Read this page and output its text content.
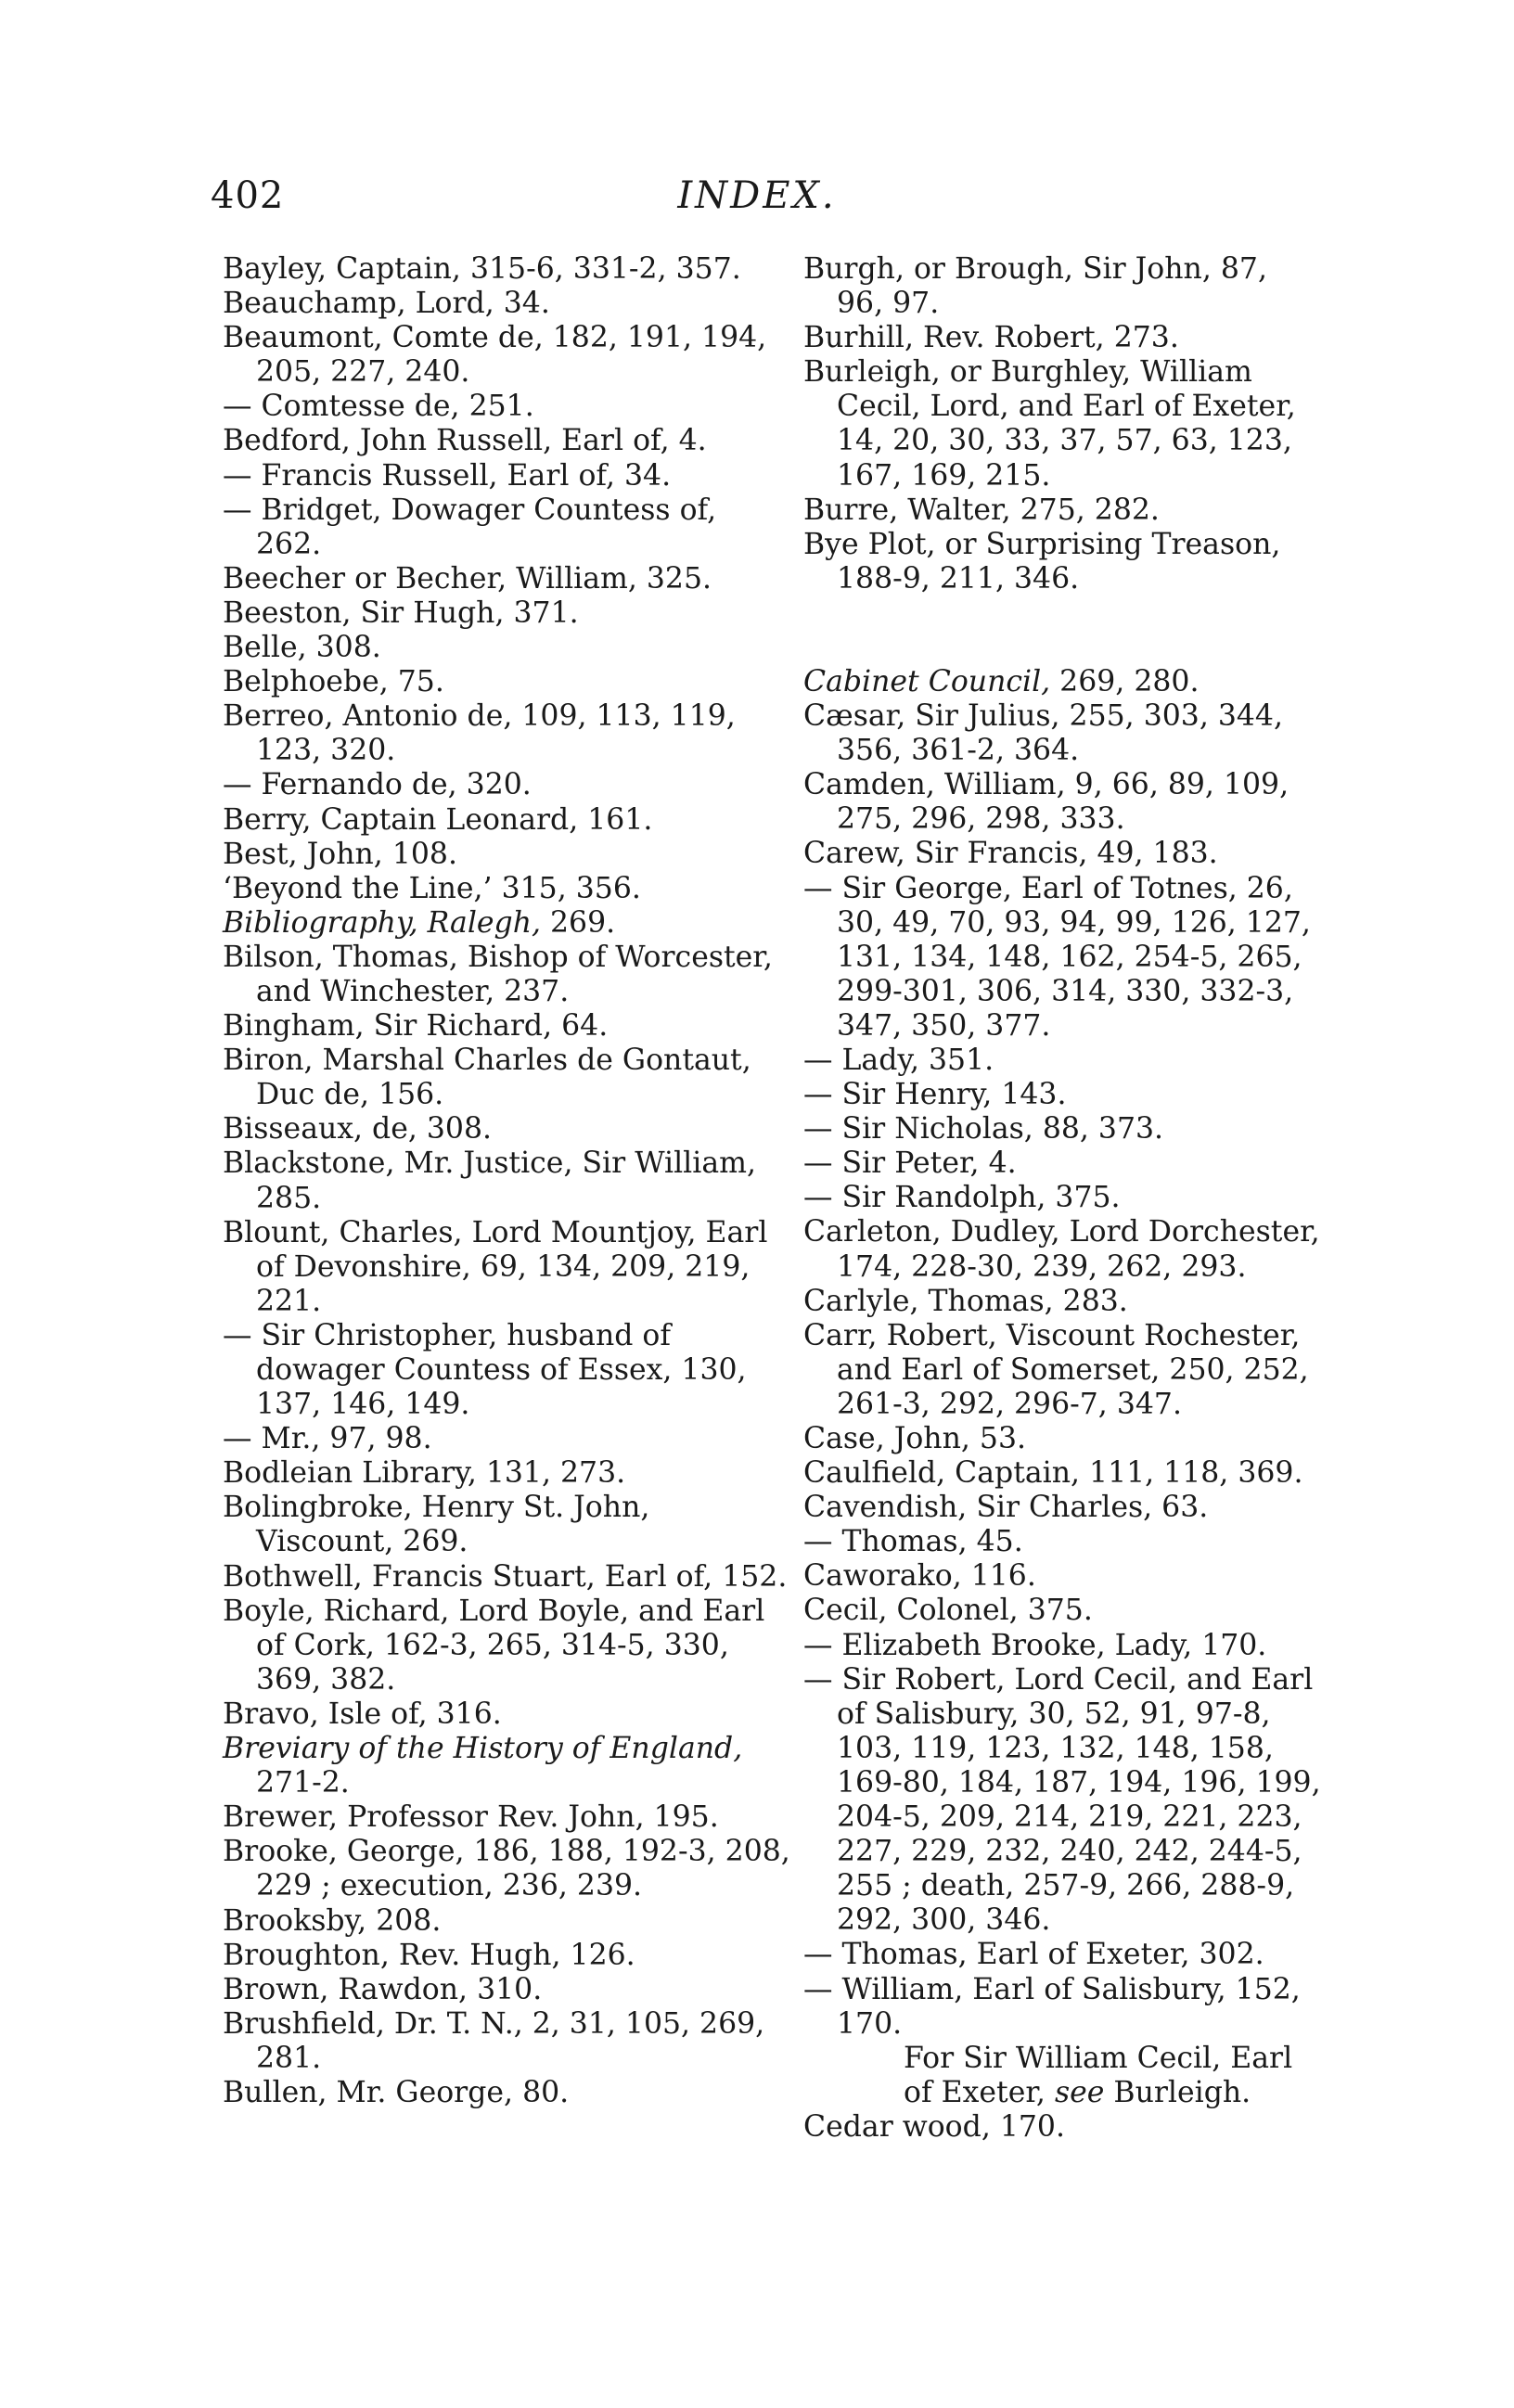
402	INDEX.
Bayley, Captain, 315-6, 331-2, 357.
Beauchamp, Lord, 34.
Beaumont, Comte de, 182, 191, 194, 205, 227, 240.
— Comtesse de, 251.
Bedford, John Russell, Earl of, 4.
— Francis Russell, Earl of, 34.
— Bridget, Dowager Countess of, 262.
Beecher or Becher, William, 325.
Beeston, Sir Hugh, 371.
Belle, 308.
Belphoebe, 75.
Berreo, Antonio de, 109, 113, 119, 123, 320.
— Fernando de, 320.
Berry, Captain Leonard, 161.
Best, John, 108.
‘Beyond the Line,’ 315, 356.
Bibliography, Ralegh, 269.
Bilson, Thomas, Bishop of Worcester, and Winchester, 237.
Bingham, Sir Richard, 64.
Biron, Marshal Charles de Gontaut, Duc de, 156.
Bisseaux, de, 308.
Blackstone, Mr. Justice, Sir William, 285.
Blount, Charles, Lord Mountjoy, Earl of Devonshire, 69, 134, 209, 219, 221.
— Sir Christopher, husband of dowager Countess of Essex, 130, 137, 146, 149.
— Mr., 97, 98.
Bodleian Library, 131, 273.
Bolingbroke, Henry St. John, Viscount, 269.
Bothwell, Francis Stuart, Earl of, 152.
Boyle, Richard, Lord Boyle, and Earl of Cork, 162-3, 265, 314-5, 330, 369, 382.
Bravo, Isle of, 316.
Breviary of the History of England, 271-2.
Brewer, Professor Rev. John, 195.
Brooke, George, 186, 188, 192-3, 208, 229 ; execution, 236, 239.
Brooksby, 208.
Broughton, Rev. Hugh, 126.
Brown, Rawdon, 310.
Brushfield, Dr. T. N., 2, 31, 105, 269, 281.
Bullen, Mr. George, 80.
Burgh, or Brough, Sir John, 87, 96, 97.
Burhill, Rev. Robert, 273.
Burleigh, or Burghley, William Cecil, Lord, and Earl of Exeter, 14, 20, 30, 33, 37, 57, 63, 123, 167, 169, 215.
Burre, Walter, 275, 282.
Bye Plot, or Surprising Treason, 188-9, 211, 346.
Cabinet Council, 269, 280.
Cæsar, Sir Julius, 255, 303, 344, 356, 361-2, 364.
Camden, William, 9, 66, 89, 109, 275, 296, 298, 333.
Carew, Sir Francis, 49, 183.
— Sir George, Earl of Totnes, 26, 30, 49, 70, 93, 94, 99, 126, 127, 131, 134, 148, 162, 254-5, 265, 299-301, 306, 314, 330, 332-3, 347, 350, 377.
— Lady, 351.
— Sir Henry, 143.
— Sir Nicholas, 88, 373.
— Sir Peter, 4.
— Sir Randolph, 375.
Carleton, Dudley, Lord Dorchester, 174, 228-30, 239, 262, 293.
Carlyle, Thomas, 283.
Carr, Robert, Viscount Rochester, and Earl of Somerset, 250, 252, 261-3, 292, 296-7, 347.
Case, John, 53.
Caulfield, Captain, 111, 118, 369.
Cavendish, Sir Charles, 63.
— Thomas, 45.
Caworako, 116.
Cecil, Colonel, 375.
— Elizabeth Brooke, Lady, 170.
— Sir Robert, Lord Cecil, and Earl of Salisbury, 30, 52, 91, 97-8, 103, 119, 123, 132, 148, 158, 169-80, 184, 187, 194, 196, 199, 204-5, 209, 214, 219, 221, 223, 227, 229, 232, 240, 242, 244-5, 255 ; death, 257-9, 266, 288-9, 292, 300, 346.
— Thomas, Earl of Exeter, 302.
— William, Earl of Salisbury, 152, 170.
For Sir William Cecil, Earl of Exeter, see Burleigh.
Cedar wood, 170.
